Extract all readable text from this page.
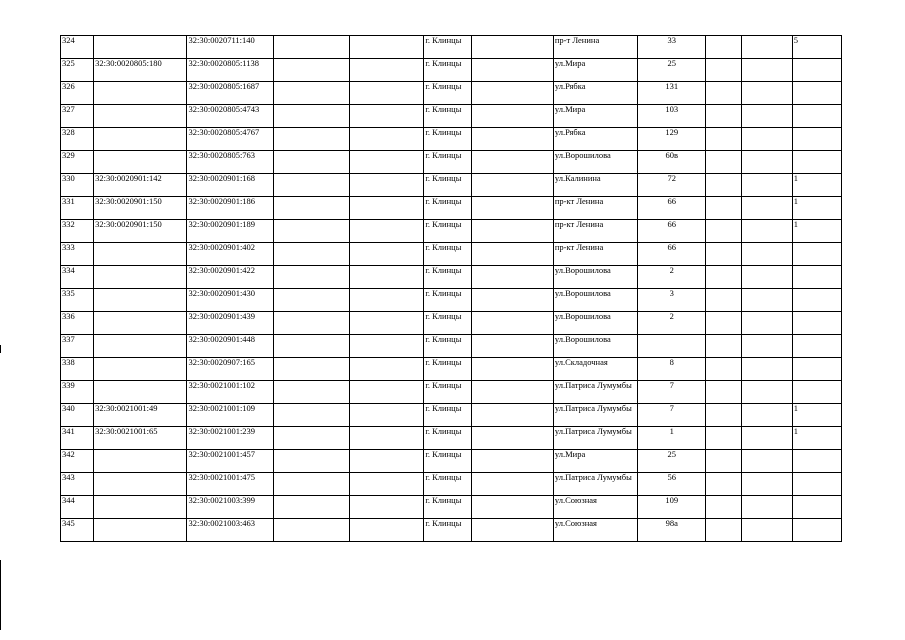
324		32:30:0020711:140			г. Клинцы		пр-т Ленина	33			5
325	32:30:0020805:180	32:30:0020805:1138			г. Клинцы		ул.Мира	25			
326		32:30:0020805:1687			г. Клинцы		ул.Рябка	131			
327		32:30:0020805:4743			г. Клинцы		ул.Мира	103			
328		32:30:0020805:4767			г. Клинцы		ул.Рябка	129			
329		32:30:0020805:763			г. Клинцы		ул.Ворошилова	60в			
330	32:30:0020901:142	32:30:0020901:168			г. Клинцы		ул.Калинина	72			1
331	32:30:0020901:150	32:30:0020901:186			г. Клинцы		пр-кт Ленина	66			1
332	32:30:0020901:150	32:30:0020901:189			г. Клинцы		пр-кт Ленина	66			1
333		32:30:0020901:402			г. Клинцы		пр-кт Ленина	66			
334		32:30:0020901:422			г. Клинцы		ул.Ворошилова	2			
335		32:30:0020901:430			г. Клинцы		ул.Ворошилова	3			
336		32:30:0020901:439			г. Клинцы		ул.Ворошилова	2			
337		32:30:0020901:448			г. Клинцы		ул.Ворошилова				
338		32:30:0020907:165			г. Клинцы		ул.Складочная	8			
339		32:30:0021001:102			г. Клинцы		ул.Патриса Лумумбы	7			
340	32:30:0021001:49	32:30:0021001:109			г. Клинцы		ул.Патриса Лумумбы	7			1
341	32:30:0021001:65	32:30:0021001:239			г. Клинцы		ул.Патриса Лумумбы	1			1
342		32:30:0021001:457			г. Клинцы		ул.Мира	25			
343		32:30:0021001:475			г. Клинцы		ул.Патриса Лумумбы	56			
344		32:30:0021003:399			г. Клинцы		ул.Союзная	109			
345		32:30:0021003:463			г. Клинцы		ул.Союзная	98а			
